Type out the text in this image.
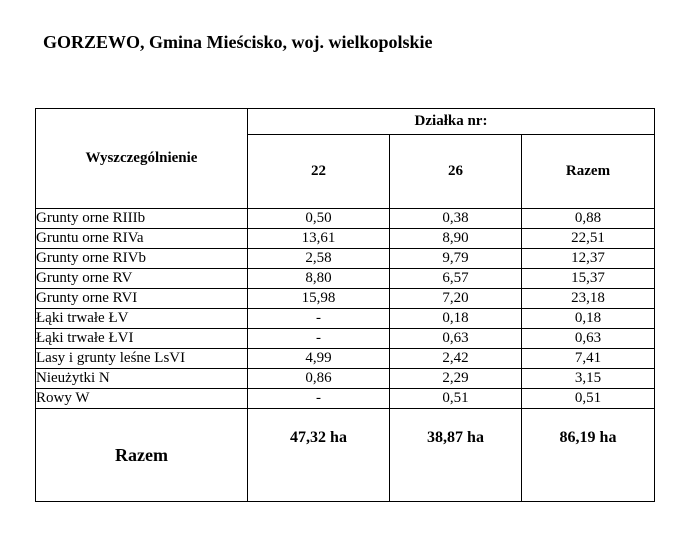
GORZEWO, Gmina Mieścisko, woj. wielkopolskie
Wyszczególnienie	Działka nr:		
	22	26	Razem
Grunty orne RIIIb	0,50	0,38	0,88
Gruntu orne RIVa	13,61	8,90	22,51
Grunty orne RIVb	2,58	9,79	12,37
Grunty orne RV	8,80	6,57	15,37
Grunty orne RVI	15,98	7,20	23,18
Łąki trwałe ŁV	-	0,18	0,18
Łąki trwałe ŁVI	-	0,63	0,63
Lasy i grunty leśne LsVI	4,99	2,42	7,41
Nieużytki N	0,86	2,29	3,15
Rowy W	-	0,51	0,51
Razem	47,32 ha	38,87 ha	86,19 ha
